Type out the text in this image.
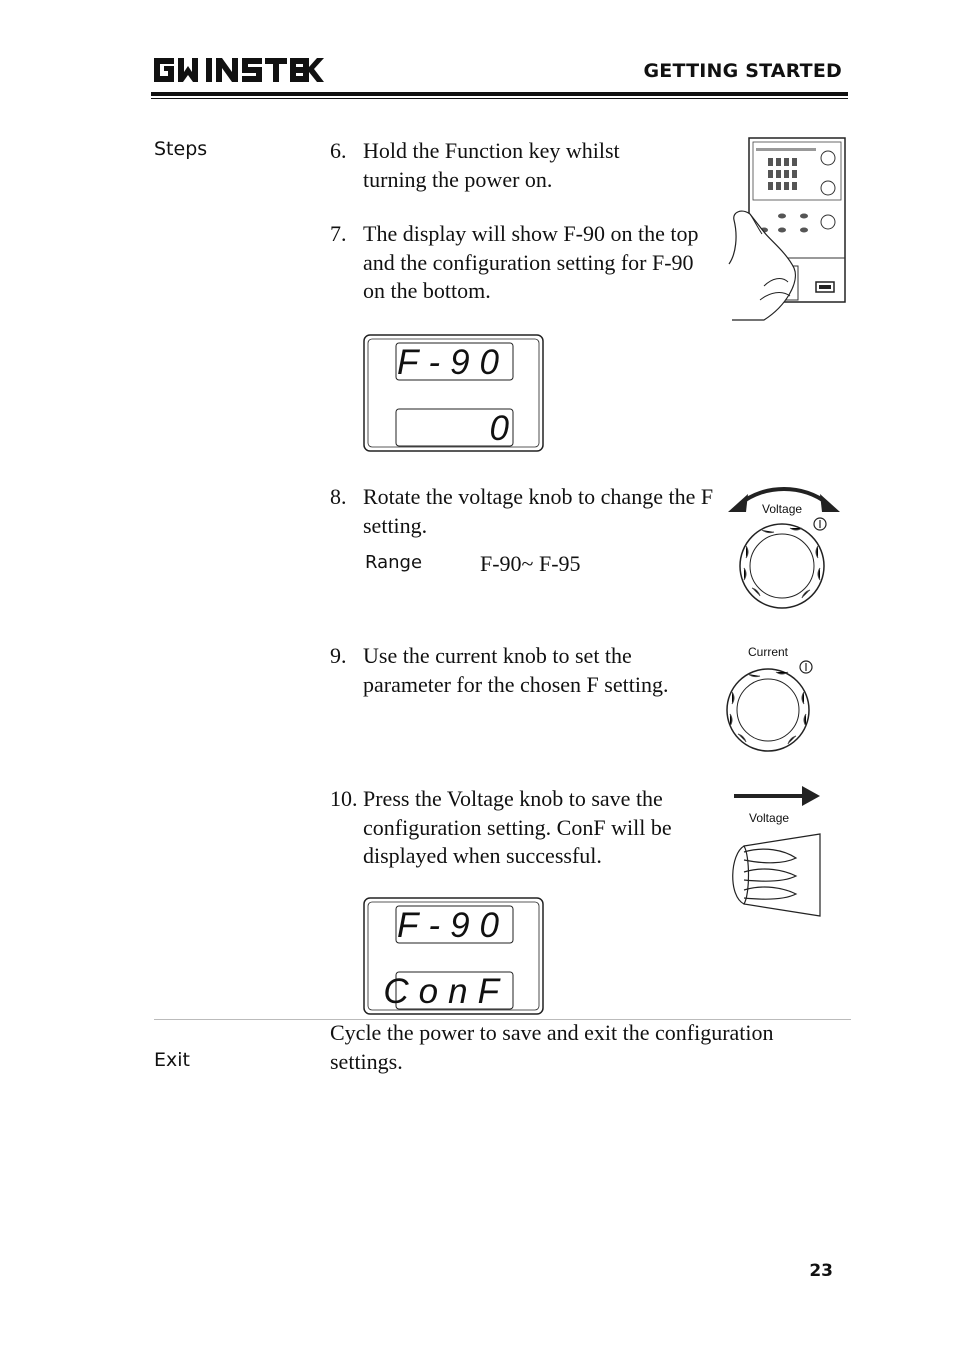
GETTING STARTED
Steps
Exit
6. Hold the Function key whilst turning the power on.
7. The display will show F-90 on the top and the configuration setting for F-90 on the bottom.
F-90
0
8. Rotate the voltage knob to change the F setting.
Range	F-90~ F-95
Voltage
9. Use the current knob to set the parameter for the chosen F setting.
Current
10. Press the Voltage knob to save the configuration setting. ConF will be displayed when successful.
Voltage
F-90
ConF
Cycle the power to save and exit the configuration settings.
23
